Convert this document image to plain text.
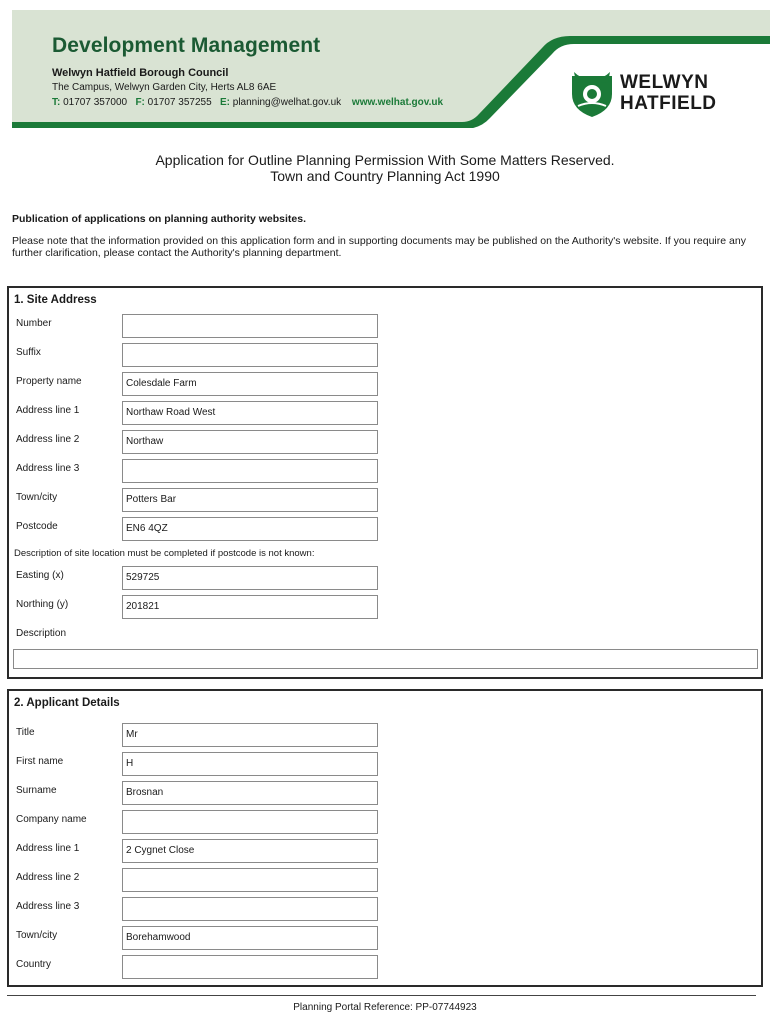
Development Management
Welwyn Hatfield Borough Council
The Campus, Welwyn Garden City, Herts AL8 6AE
T: 01707 357000 F: 01707 357255 E: planning@welhat.gov.uk www.welhat.gov.uk
WELWYN
HATFIELD
Application for Outline Planning Permission With Some Matters Reserved.
Town and Country Planning Act 1990
Publication of applications on planning authority websites.
Please note that the information provided on this application form and in supporting documents may be published on the Authority's website. If you require any further clarification, please contact the Authority's planning department.
1. Site Address
Number
Suffix
Property name	Colesdale Farm
Address line 1	Northaw Road West
Address line 2	Northaw
Address line 3
Town/city	Potters Bar
Postcode	EN6 4QZ
Description of site location must be completed if postcode is not known:
Easting (x)	529725
Northing (y)	201821
Description
2. Applicant Details
Title	Mr
First name	H
Surname	Brosnan
Company name
Address line 1	2 Cygnet Close
Address line 2
Address line 3
Town/city	Borehamwood
Country
Planning Portal Reference: PP-07744923
